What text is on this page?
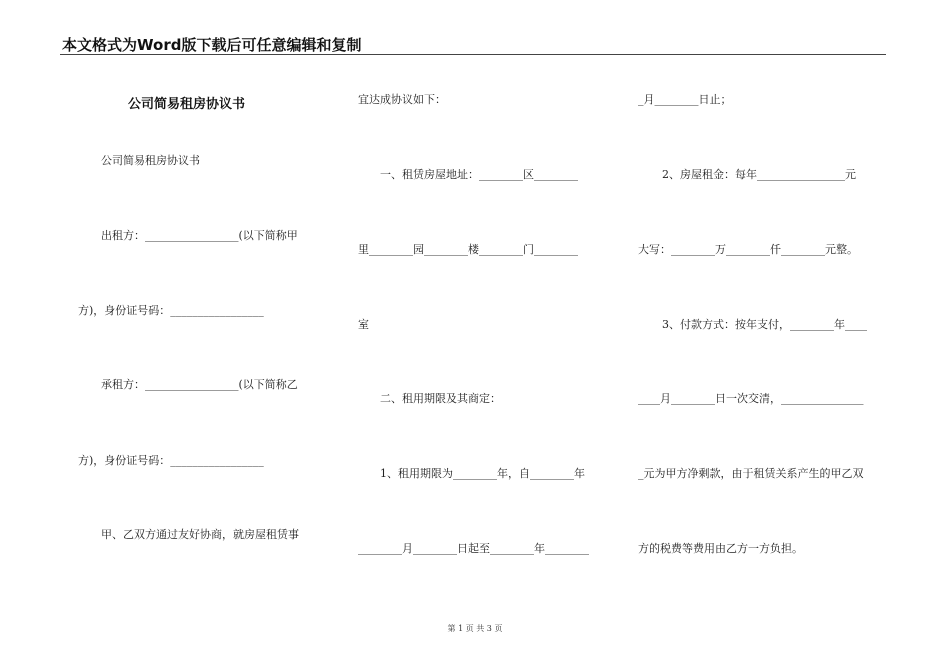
本文格式为Word版下载后可任意编辑和复制
公司简易租房协议书
公司简易租房协议书
出租方：_________________(以下简称甲
方)，身份证号码：_________________
承租方：_________________(以下简称乙
方)，身份证号码：_________________
甲、乙双方通过友好协商，就房屋租赁事
宜达成协议如下：
一、租赁房屋地址：________区________
里________园________楼________门________
室
二、租用期限及其商定：
1、租用期限为________年，自________年
________月________日起至________年________
_月________日止；
2、房屋租金：每年________________元
大写：________万________仟________元整。
3、付款方式：按年支付，________年____
____月________日一次交清，_______________
_元为甲方净剩款，由于租赁关系产生的甲乙双
方的税费等费用由乙方一方负担。
第 1 页 共 3 页
